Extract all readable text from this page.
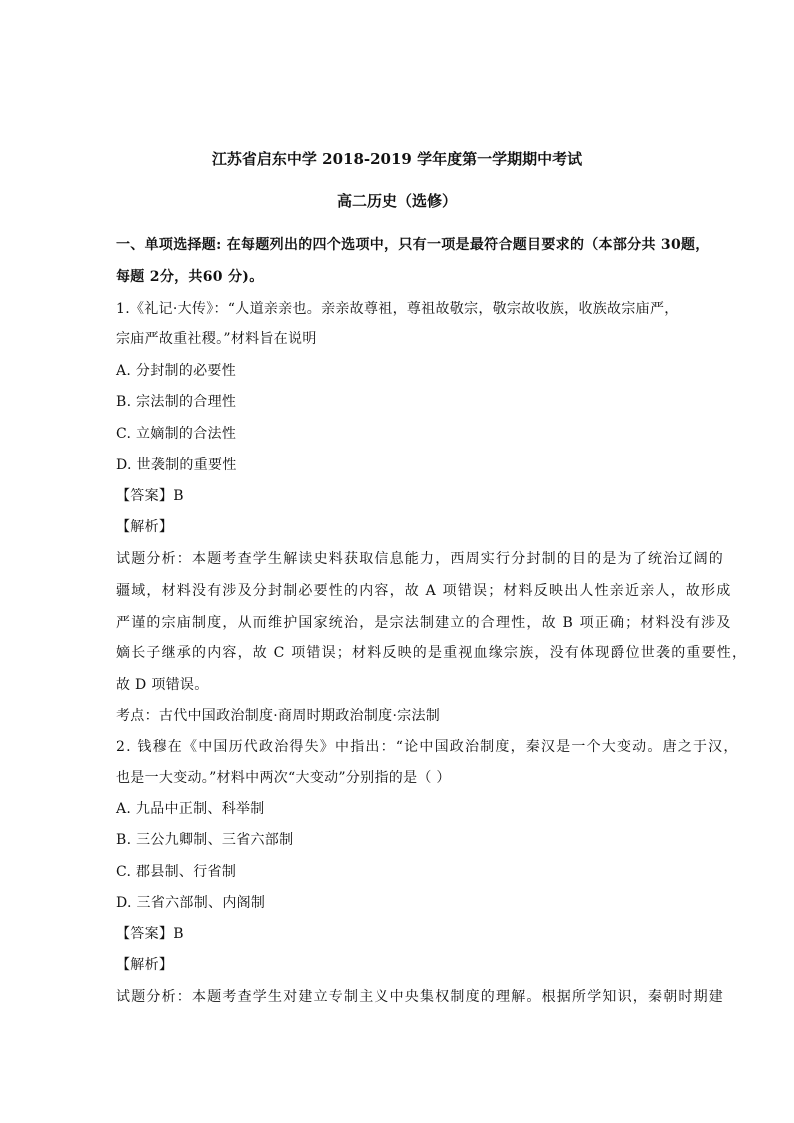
江苏省启东中学 2018-2019 学年度第一学期期中考试
高二历史（选修）
一、单项选择题: 在每题列出的四个选项中，只有一项是最符合题目要求的（本部分共 30题，
每题 2分，共60 分)。
1.《礼记·大传》：“人道亲亲也。亲亲故尊祖，尊祖故敬宗，敬宗故收族，收族故宗庙严，
宗庙严故重社稷。”材料旨在说明
A. 分封制的必要性
B. 宗法制的合理性
C. 立嫡制的合法性
D. 世袭制的重要性
【答案】B
【解析】
试题分析：本题考查学生解读史料获取信息能力，西周实行分封制的目的是为了统治辽阔的
疆域，材料没有涉及分封制必要性的内容，故 A 项错误；材料反映出人性亲近亲人，故形成
严谨的宗庙制度，从而维护国家统治，是宗法制建立的合理性，故 B 项正确；材料没有涉及
嫡长子继承的内容，故 C 项错误；材料反映的是重视血缘宗族，没有体现爵位世袭的重要性，
故 D 项错误。
考点：古代中国政治制度·商周时期政治制度·宗法制
2. 钱穆在《中国历代政治得失》中指出：“论中国政治制度，秦汉是一个大变动。唐之于汉，
也是一大变动。”材料中两次“大变动”分别指的是（ ）
A. 九品中正制、科举制
B. 三公九卿制、三省六部制
C. 郡县制、行省制
D. 三省六部制、内阁制
【答案】B
【解析】
试题分析：本题考查学生对建立专制主义中央集权制度的理解。根据所学知识，秦朝时期建
